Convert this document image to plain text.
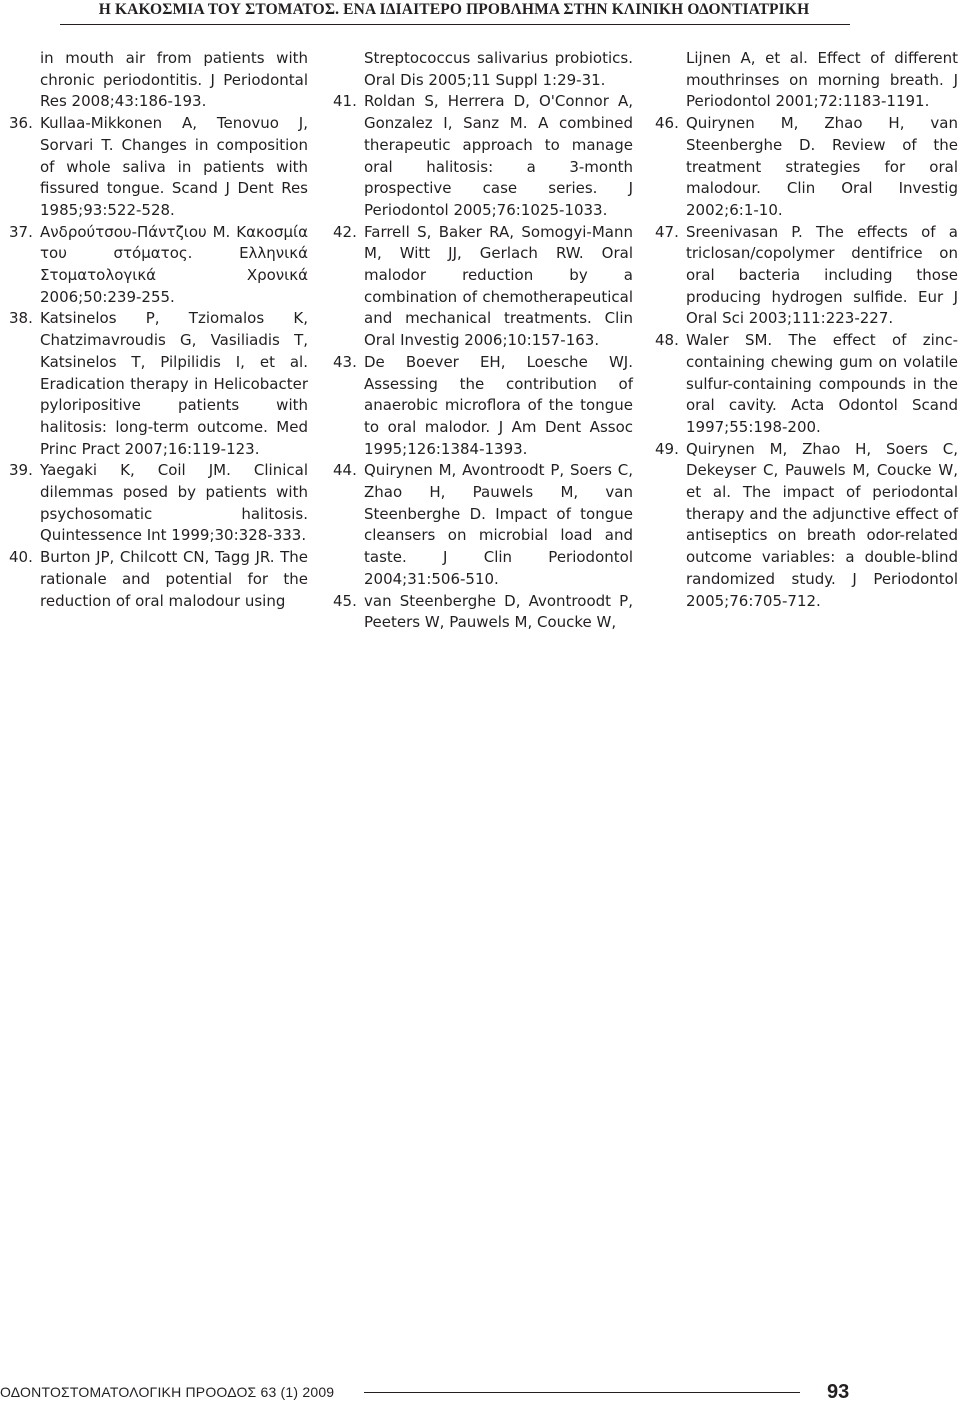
Η ΚΑΚΟΣΜΙΑ ΤΟΥ ΣΤΟΜΑΤΟΣ. ΕΝΑ ΙΔΙΑΙΤΕΡΟ ΠΡΟΒΛΗΜΑ ΣΤΗΝ ΚΛΙΝΙΚΗ ΟΔΟΝΤΙΑΤΡΙΚΗ
in mouth air from patients with chronic periodontitis. J Periodontal Res 2008;43:186-193.
36. Kullaa-Mikkonen A, Tenovuo J, Sorvari T. Changes in composition of whole saliva in patients with fissured tongue. Scand J Dent Res 1985;93:522-528.
37. Ανδρούτσου-Πάντζιου Μ. Κακοσμία του στόματος. Ελληνικά Στοματολογικά Χρονικά 2006;50:239-255.
38. Katsinelos P, Tziomalos K, Chatzimavroudis G, Vasiliadis T, Katsinelos T, Pilpilidis I, et al. Eradication therapy in Helicobacter pyloripositive patients with halitosis: long-term outcome. Med Princ Pract 2007;16:119-123.
39. Yaegaki K, Coil JM. Clinical dilemmas posed by patients with psychosomatic halitosis. Quintessence Int 1999;30:328-333.
40. Burton JP, Chilcott CN, Tagg JR. The rationale and potential for the reduction of oral malodour using
Streptococcus salivarius probiotics. Oral Dis 2005;11 Suppl 1:29-31.
41. Roldan S, Herrera D, O'Connor A, Gonzalez I, Sanz M. A combined therapeutic approach to manage oral halitosis: a 3-month prospective case series. J Periodontol 2005;76:1025-1033.
42. Farrell S, Baker RA, Somogyi-Mann M, Witt JJ, Gerlach RW. Oral malodor reduction by a combination of chemotherapeutical and mechanical treatments. Clin Oral Investig 2006;10:157-163.
43. De Boever EH, Loesche WJ. Assessing the contribution of anaerobic microflora of the tongue to oral malodor. J Am Dent Assoc 1995;126:1384-1393.
44. Quirynen M, Avontroodt P, Soers C, Zhao H, Pauwels M, van Steenberghe D. Impact of tongue cleansers on microbial load and taste. J Clin Periodontol 2004;31:506-510.
45. van Steenberghe D, Avontroodt P, Peeters W, Pauwels M, Coucke W,
Lijnen A, et al. Effect of different mouthrinses on morning breath. J Periodontol 2001;72:1183-1191.
46. Quirynen M, Zhao H, van Steenberghe D. Review of the treatment strategies for oral malodour. Clin Oral Investig 2002;6:1-10.
47. Sreenivasan P. The effects of a triclosan/copolymer dentifrice on oral bacteria including those producing hydrogen sulfide. Eur J Oral Sci 2003;111:223-227.
48. Waler SM. The effect of zinc-containing chewing gum on volatile sulfur-containing compounds in the oral cavity. Acta Odontol Scand 1997;55:198-200.
49. Quirynen M, Zhao H, Soers C, Dekeyser C, Pauwels M, Coucke W, et al. The impact of periodontal therapy and the adjunctive effect of antiseptics on breath odor-related outcome variables: a double-blind randomized study. J Periodontol 2005;76:705-712.
ΟΔΟΝΤΟΣΤΟΜΑΤΟΛΟΓΙΚΗ ΠΡΟΟΔΟΣ 63 (1) 2009	93
